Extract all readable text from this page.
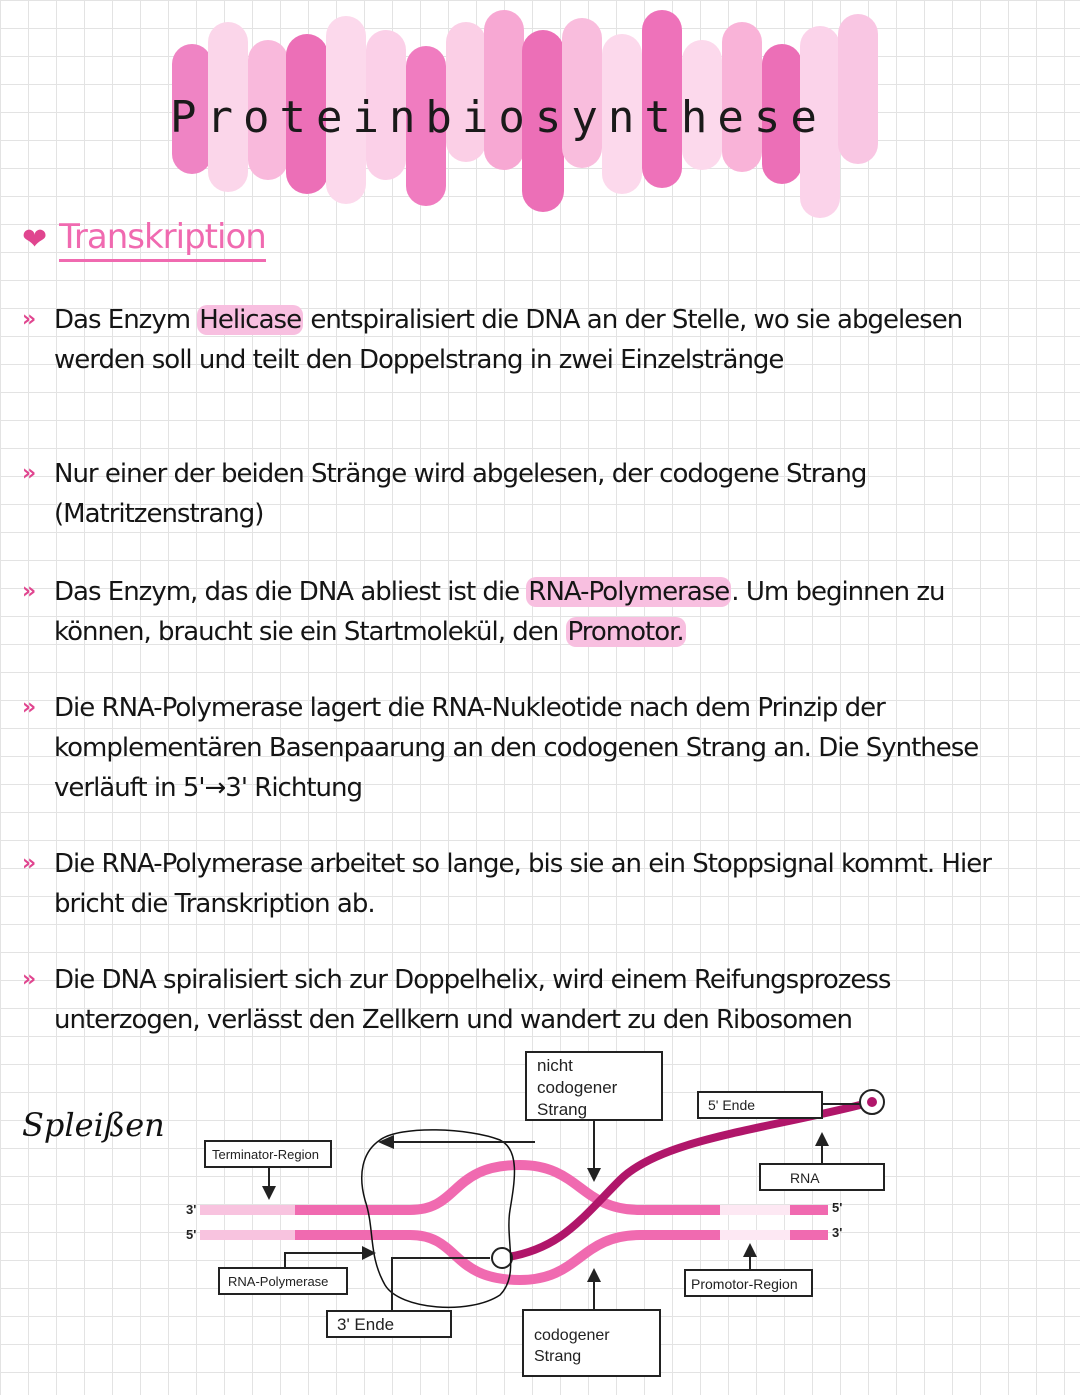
Proteinbiosynthese
❤ Transkription
» Das Enzym Helicase entspiralisiert die DNA an der Stelle, wo sie abgelesen werden soll und teilt den Doppelstrang in zwei Einzelstränge
» Nur einer der beiden Stränge wird abgelesen, der codogene Strang (Matritzenstrang)
» Das Enzym, das die DNA abliest ist die RNA-Polymerase. Um beginnen zu können, braucht sie ein Startmolekül, den Promotor.
» Die RNA-Polymerase lagert die RNA-Nukleotide nach dem Prinzip der komplementären Basenpaarung an den codogenen Strang an. Die Synthese verläuft in 5'→3' Richtung
» Die RNA-Polymerase arbeitet so lange, bis sie an ein Stoppsignal kommt. Hier bricht die Transkription ab.
» Die DNA spiralisiert sich zur Doppelhelix, wird einem Reifungsprozess unterzogen, verlässt den Zellkern und wandert zu den Ribosomen
Spleißen
3'
5'
5'
3'
nicht
codogener
Strang	5' Ende
RNA
Terminator-Region
RNA-Polymerase
3' Ende
codogener
Strang
Promotor-Region
